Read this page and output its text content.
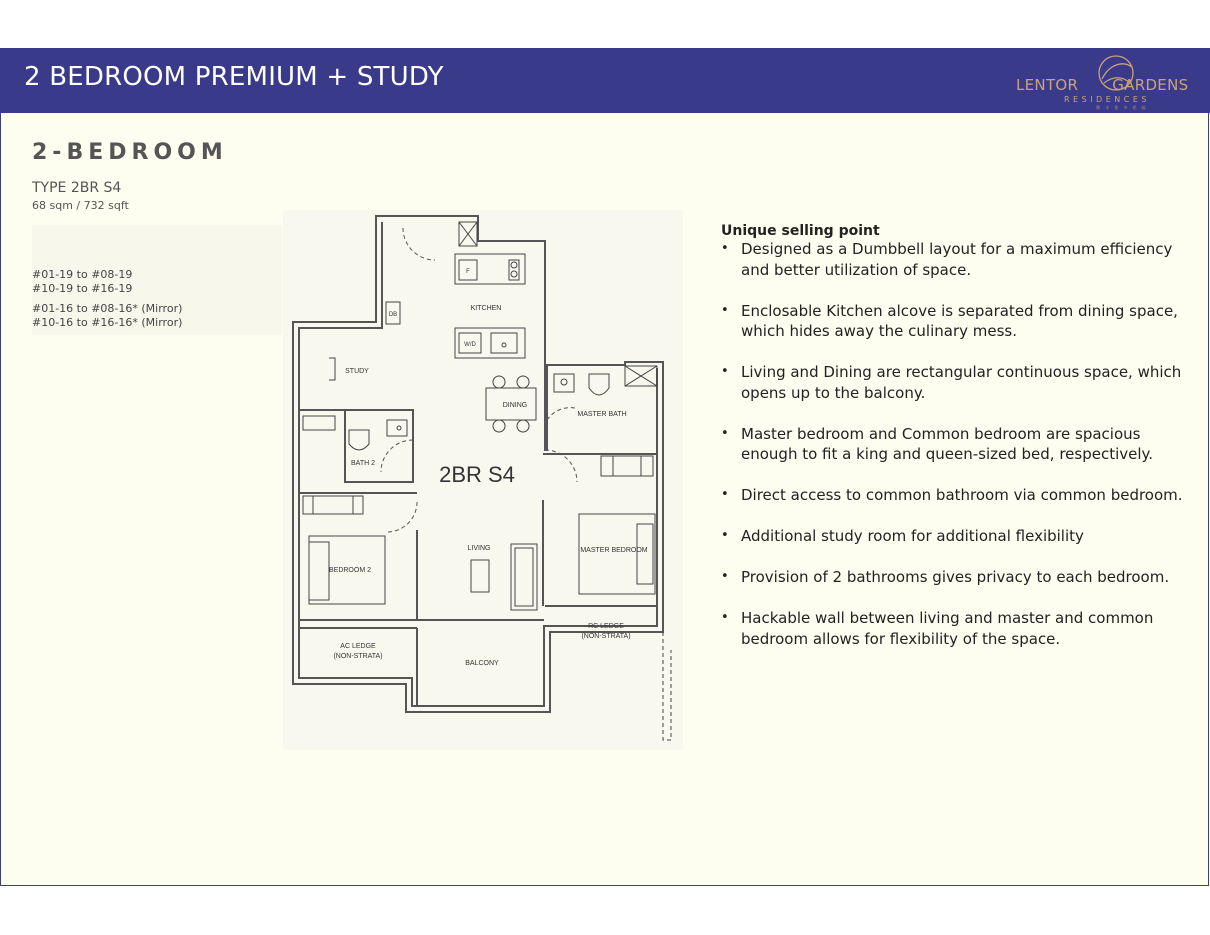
2 BEDROOM PREMIUM + STUDY	LENTOR GARDENS
RESIDENCES
鼎 丰 伦 多 花 园
2-BEDROOM
TYPE 2BR S4
68 sqm / 732 sqft
#01-19 to #08-19
#10-19 to #16-19
#01-16 to #08-16* (Mirror)
#10-16 to #16-16* (Mirror)
KITCHEN
STUDY
DINING
MASTER BATH
BATH 2
BEDROOM 2
LIVING	MASTER BEDROOM
AC LEDGE
(NON-STRATA)
BALCONY
RC LEDGE
(NON-STRATA)
DB
F
W/D
2BR S4
Unique selling point
• Designed as a Dumbbell layout for a maximum efficiency and better utilization of space.
• Enclosable Kitchen alcove is separated from dining space, which hides away the culinary mess.
• Living and Dining are rectangular continuous space, which opens up to the balcony.
• Master bedroom and Common bedroom are spacious enough to fit a king and queen-sized bed, respectively.
• Direct access to common bathroom via common bedroom.
• Additional study room for additional flexibility
• Provision of 2 bathrooms gives privacy to each bedroom.
• Hackable wall between living and master and common bedroom allows for flexibility of the space.
